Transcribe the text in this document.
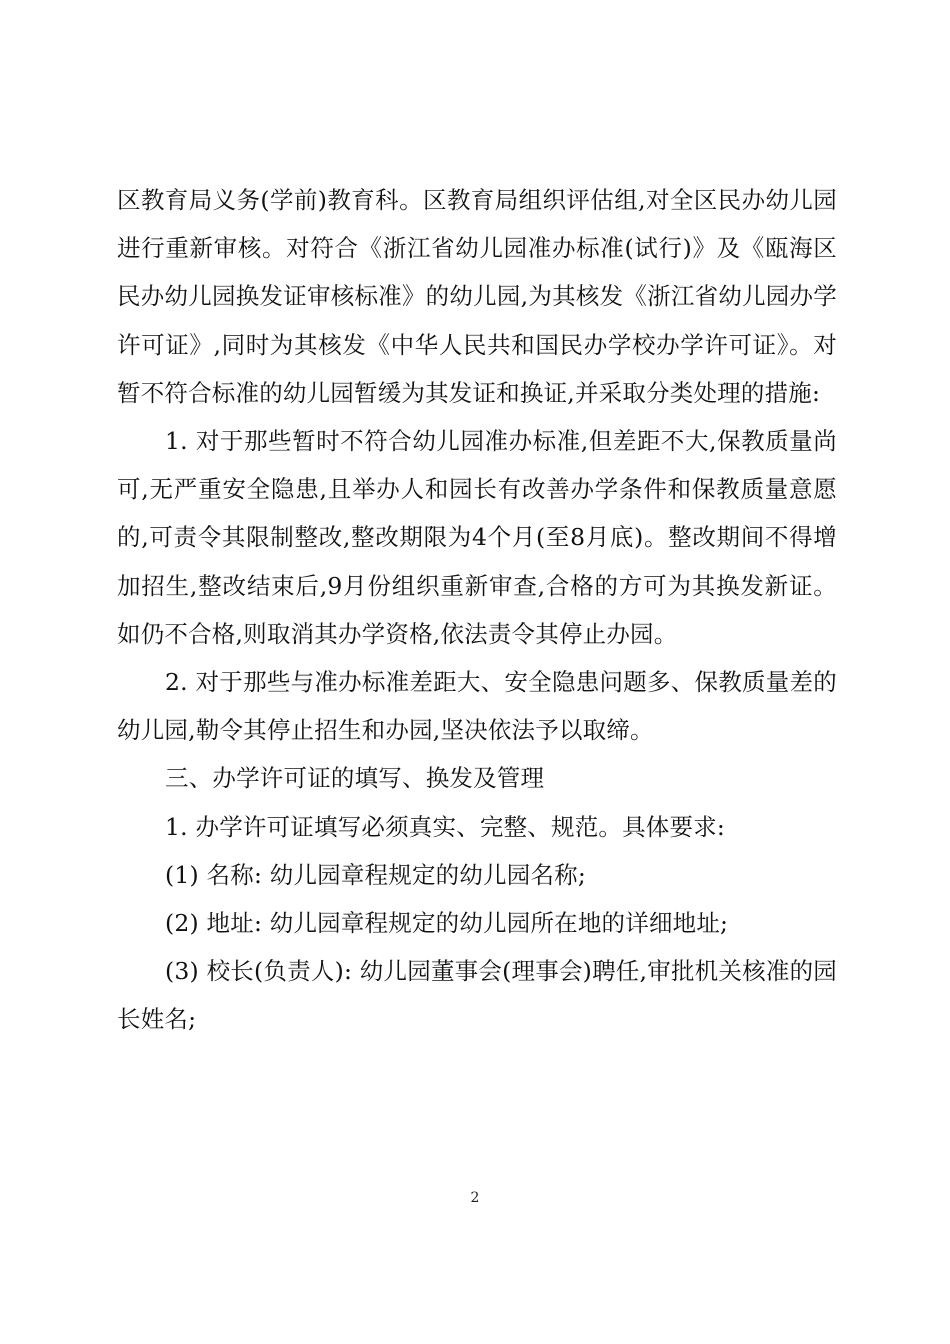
区教育局义务(学前)教育科。区教育局组织评估组,对全区民办幼儿园进行重新审核。对符合《浙江省幼儿园准办标准(试行)》及《瓯海区民办幼儿园换发证审核标准》的幼儿园,为其核发《浙江省幼儿园办学许可证》,同时为其核发《中华人民共和国民办学校办学许可证》。对暂不符合标准的幼儿园暂缓为其发证和换证,并采取分类处理的措施:

1. 对于那些暂时不符合幼儿园准办标准,但差距不大,保教质量尚可,无严重安全隐患,且举办人和园长有改善办学条件和保教质量意愿的,可责令其限制整改,整改期限为4个月(至8月底)。整改期间不得增加招生,整改结束后,9月份组织重新审查,合格的方可为其换发新证。如仍不合格,则取消其办学资格,依法责令其停止办园。

2. 对于那些与准办标准差距大、安全隐患问题多、保教质量差的幼儿园,勒令其停止招生和办园,坚决依法予以取缔。

三、办学许可证的填写、换发及管理

1. 办学许可证填写必须真实、完整、规范。具体要求:

(1) 名称: 幼儿园章程规定的幼儿园名称;

(2) 地址: 幼儿园章程规定的幼儿园所在地的详细地址;

(3) 校长(负责人): 幼儿园董事会(理事会)聘任,审批机关核准的园长姓名;

2
